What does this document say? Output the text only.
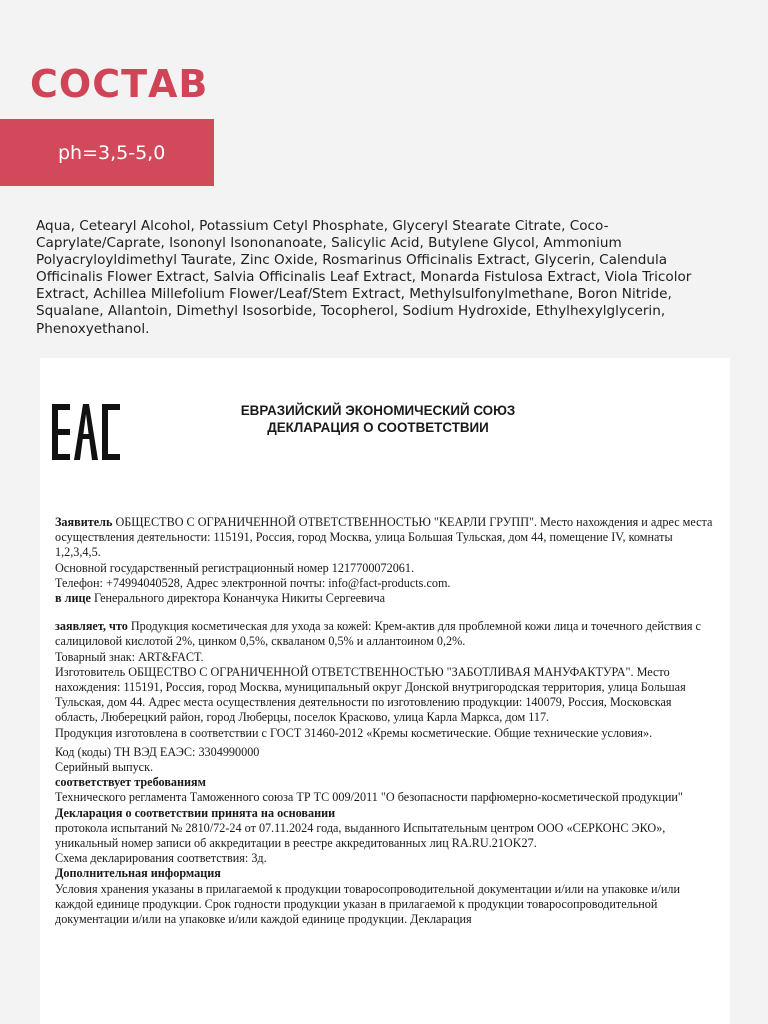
СОСТАВ
ph=3,5-5,0

Aqua, Cetearyl Alcohol, Potassium Cetyl Phosphate, Glyceryl Stearate Citrate, Coco-Caprylate/Caprate, Isononyl Isononanoate, Salicylic Acid, Butylene Glycol, Ammonium Polyacryloyldimethyl Taurate, Zinc Oxide, Rosmarinus Officinalis Extract, Glycerin, Calendula Officinalis Flower Extract, Salvia Officinalis Leaf Extract, Monarda Fistulosa Extract, Viola Tricolor Extract, Achillea Millefolium Flower/Leaf/Stem Extract, Methylsulfonylmethane, Boron Nitride, Squalane, Allantoin, Dimethyl Isosorbide, Tocopherol, Sodium Hydroxide, Ethylhexylglycerin, Phenoxyethanol.

ЕВРАЗИЙСКИЙ ЭКОНОМИЧЕСКИЙ СОЮЗ
ДЕКЛАРАЦИЯ О СООТВЕТСТВИИ

Заявитель ОБЩЕСТВО С ОГРАНИЧЕННОЙ ОТВЕТСТВЕННОСТЬЮ "КЕАРЛИ ГРУПП". Место нахождения и адрес места осуществления деятельности: 115191, Россия, город Москва, улица Большая Тульская, дом 44, помещение IV, комнаты 1,2,3,4,5.

Основной государственный регистрационный номер 1217700072061.

Телефон: +74994040528, Адрес электронной почты: info@fact-products.com.

в лице Генерального директора Конанчука Никиты Сергеевича

заявляет, что Продукция косметическая для ухода за кожей: Крем-актив для проблемной кожи лица и точечного действия с салициловой кислотой 2%, цинком 0,5%, скваланом 0,5% и аллантоином 0,2%.

Товарный знак: ART&FACT.

Изготовитель ОБЩЕСТВО С ОГРАНИЧЕННОЙ ОТВЕТСТВЕННОСТЬЮ "ЗАБОТЛИВАЯ МАНУФАКТУРА". Место нахождения: 115191, Россия, город Москва, муниципальный округ Донской внутригородская территория, улица Большая Тульская, дом 44. Адрес места осуществления деятельности по изготовлению продукции: 140079, Россия, Московская область, Люберецкий район, город Люберцы, поселок Красково, улица Карла Маркса, дом 117.

Продукция изготовлена в соответствии с ГОСТ 31460-2012 «Кремы косметические. Общие технические условия».

Код (коды) ТН ВЭД ЕАЭС: 3304990000

Серийный выпуск.

соответствует требованиям

Технического регламента Таможенного союза ТР ТС 009/2011 "О безопасности парфюмерно-косметической продукции"

Декларация о соответствии принята на основании

протокола испытаний № 2810/72-24 от 07.11.2024 года, выданного Испытательным центром ООО «СЕРКОНС ЭКО», уникальный номер записи об аккредитации в реестре аккредитованных лиц RA.RU.21OK27.

Схема декларирования соответствия: 3д.

Дополнительная информация

Условия хранения указаны в прилагаемой к продукции товаросопроводительной документации и/или на упаковке и/или каждой единице продукции. Срок годности продукции указан в прилагаемой к продукции товаросопроводительной документации и/или на упаковке и/или каждой единице продукции. Декларация
